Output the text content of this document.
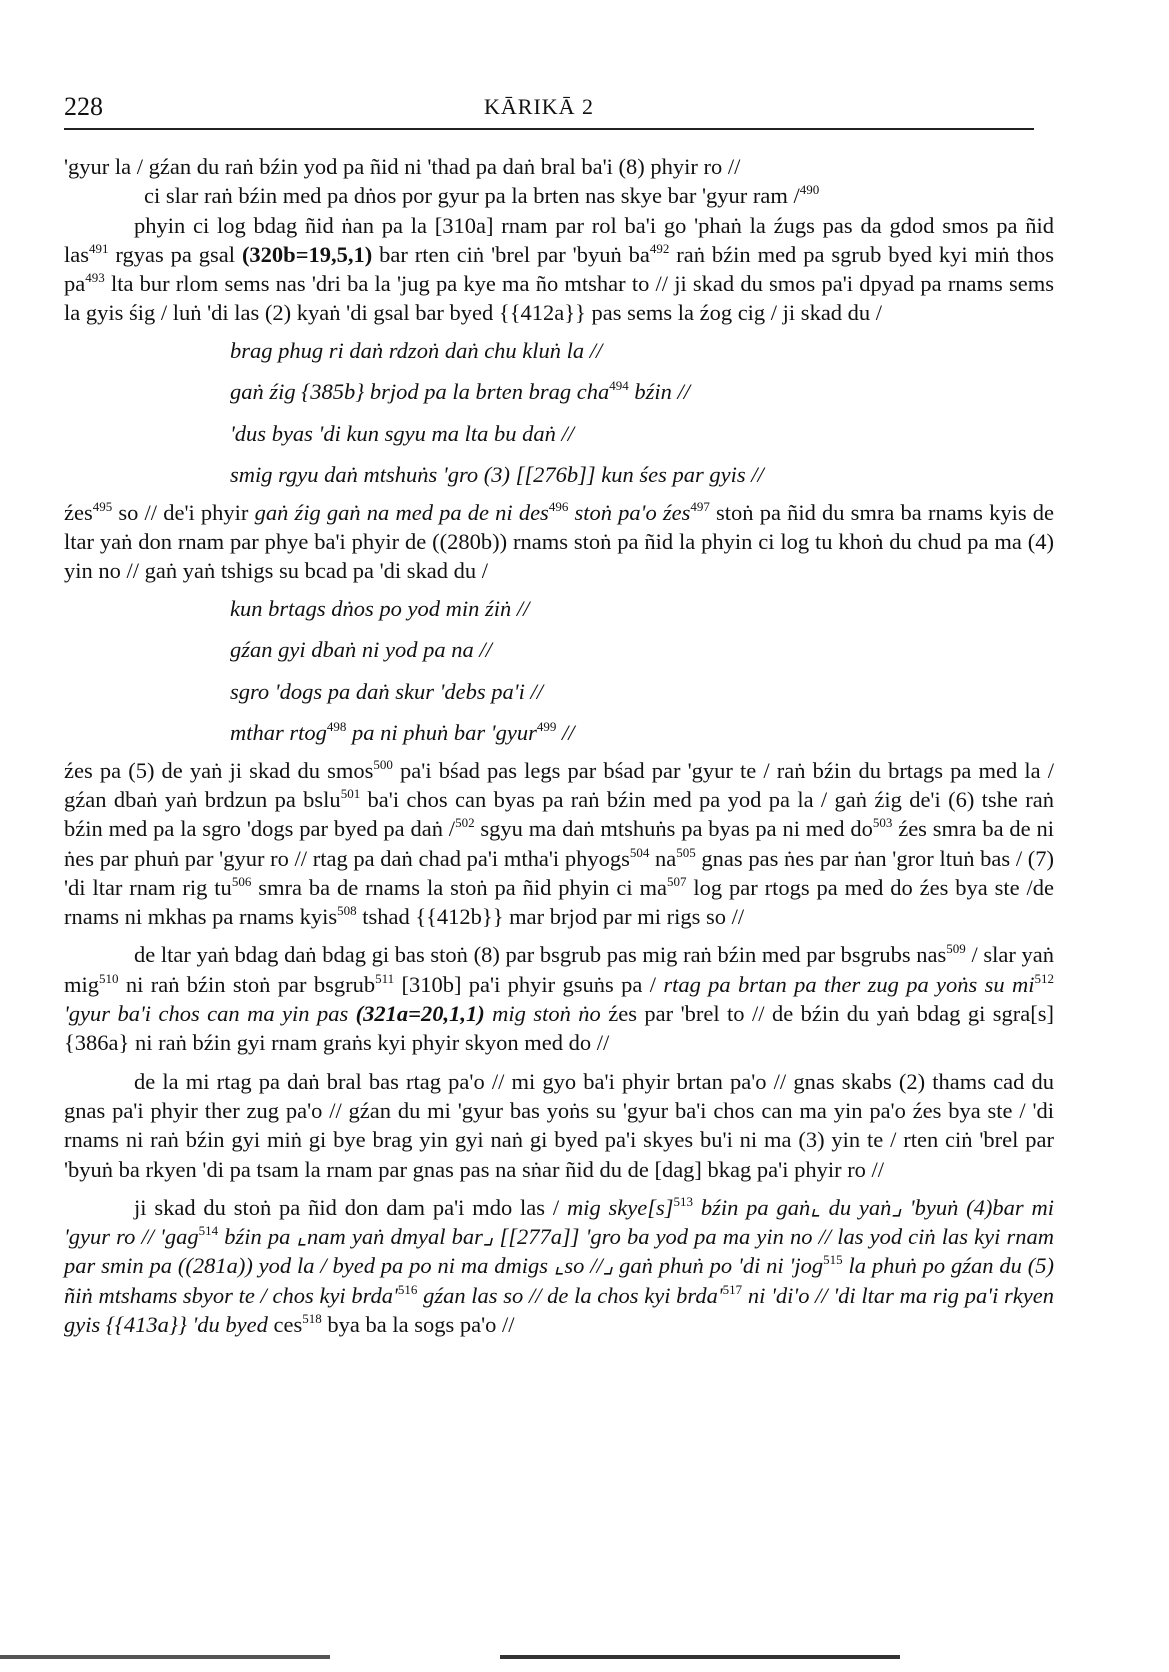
228	KĀRIKĀ 2

'gyur la / gźan du raṅ bźin yod pa ñid ni 'thad pa daṅ bral ba'i (8) phyir ro //

ci slar raṅ bźin med pa dṅos por gyur pa la brten nas skye bar 'gyur ram /$^{490}$

phyin ci log bdag ñid ṅan pa la [310a] rnam par rol ba'i go 'phaṅ la źugs pas da gdod smos pa ñid las$^{491}$ rgyas pa gsal (320b=19,5,1) bar rten ciṅ 'brel par 'byuṅ $ba^{492}$ raṅ bźin med pa sgrub byed kyi miṅ thos $pa^{493}$ lta bur rlom sems nas 'dri ba la 'jug pa kye ma ño mtshar to // ji skad du smos pa'i dpyad pa rnams sems la gyis śig / luṅ 'di las (2) kyaṅ 'di gsal bar byed {{412a}} pas sems la źog cig / ji skad du /

brag phug ri daṅ rdzoṅ daṅ chu kluṅ la //
gaṅ źig {385b} brjod pa la brten brag cha$^{494}$ bźin //
'dus byas 'di kun sgyu ma lta bu daṅ //
smig rgyu daṅ mtshuṅs 'gro (3) [[276b]] kun śes par gyis //

źes$^{495}$ so // de'i phyir gaṅ źig gaṅ na med pa de ni des$^{496}$ stoṅ pa'o źes$^{497}$ stoṅ pa ñid du smra ba rnams kyis de ltar yaṅ don rnam par phye ba'i phyir de ((280b)) rnams stoṅ pa ñid la phyin ci log tu khoṅ du chud pa ma (4) yin no // gaṅ yaṅ tshigs su bcad pa 'di skad du /

kun brtags dṅos po yod min źiṅ //
gźan gyi dbaṅ ni yod pa na //
sgro 'dogs pa daṅ skur 'debs pa'i //
mthar rtog$^{498}$ pa ni phuṅ bar 'gyur$^{499}$ //

źes pa (5) de yaṅ ji skad du smos$^{500}$ pa'i bśad pas legs par bśad par 'gyur te / raṅ bźin du brtags pa med la / gźan dbaṅ yaṅ brdzun pa bslu$^{501}$ ba'i chos can byas pa raṅ bźin med pa yod pa la / gaṅ źig de'i (6) tshe raṅ bźin med pa la sgro 'dogs par byed pa daṅ /$^{502}$ sgyu ma daṅ mtshuṅs pa byas pa ni med $do^{503}$ źes smra ba de ni ṅes par phuṅ par 'gyur ro // rtag pa daṅ chad pa'i mtha'i phyogs$^{504}$ $na^{505}$ gnas pas ṅes par ṅan 'gror ltuṅ bas / (7) 'di ltar rnam rig $tu^{506}$ smra ba de rnams la stoṅ pa ñid phyin ci $ma^{507}$ log par rtogs pa med do źes bya ste /de rnams ni mkhas pa rnams kyis$^{508}$ tshad {{412b}} mar brjod par mi rigs so //

de ltar yaṅ bdag daṅ bdag gi bas stoṅ (8) par bsgrub pas mig raṅ bźin med par bsgrubs nas$^{509}$ / slar yaṅ mig$^{510}$ ni raṅ bźin stoṅ par bsgrub$^{511}$ [310b] pa'i phyir gsuṅs pa / rtag pa brtan pa ther zug pa yoṅs su $mi^{512}$ 'gyur ba'i chos can ma yin pas (321a=20,1,1) mig stoṅ ṅo źes par 'brel to // de bźin du yaṅ bdag gi sgra[s] {386a} ni raṅ bźin gyi rnam graṅs kyi phyir skyon med do //

de la mi rtag pa daṅ bral bas rtag pa'o // mi gyo ba'i phyir brtan pa'o // gnas skabs (2) thams cad du gnas pa'i phyir ther zug pa'o // gźan du mi 'gyur bas yoṅs su 'gyur ba'i chos can ma yin pa'o źes bya ste / 'di rnams ni raṅ bźin gyi miṅ gi bye brag yin gyi naṅ gi byed pa'i skyes bu'i ni ma (3) yin te / rten ciṅ 'brel par 'byuṅ ba rkyen 'di pa tsam la rnam par gnas pas na sṅar ñid du de [dag] bkag pa'i phyir ro //

ji skad du stoṅ pa ñid don dam pa'i mdo las / mig $skye[s]^{513}$ bźin pa gaṅ⌞ du yaṅ⌟ 'byuṅ (4)bar mi 'gyur ro // 'gag$^{514}$ bźin pa ⌞nam yaṅ dmyal bar⌟ [[277a]] 'gro ba yod pa ma yin no // las yod ciṅ las kyi rnam par smin pa ((281a)) yod la / byed pa po ni ma dmigs ⌞so //⌟ gaṅ phuṅ po 'di ni 'jog$^{515}$ la phuṅ po gźan du (5) ñiṅ mtshams sbyor te / chos kyi $brda'^{516}$ gźan las so // de la chos kyi $brda'^{517}$ ni 'di'o // 'di ltar ma rig pa'i rkyen gyis {{413a}} 'du byed ces$^{518}$ bya ba la sogs pa'o //
